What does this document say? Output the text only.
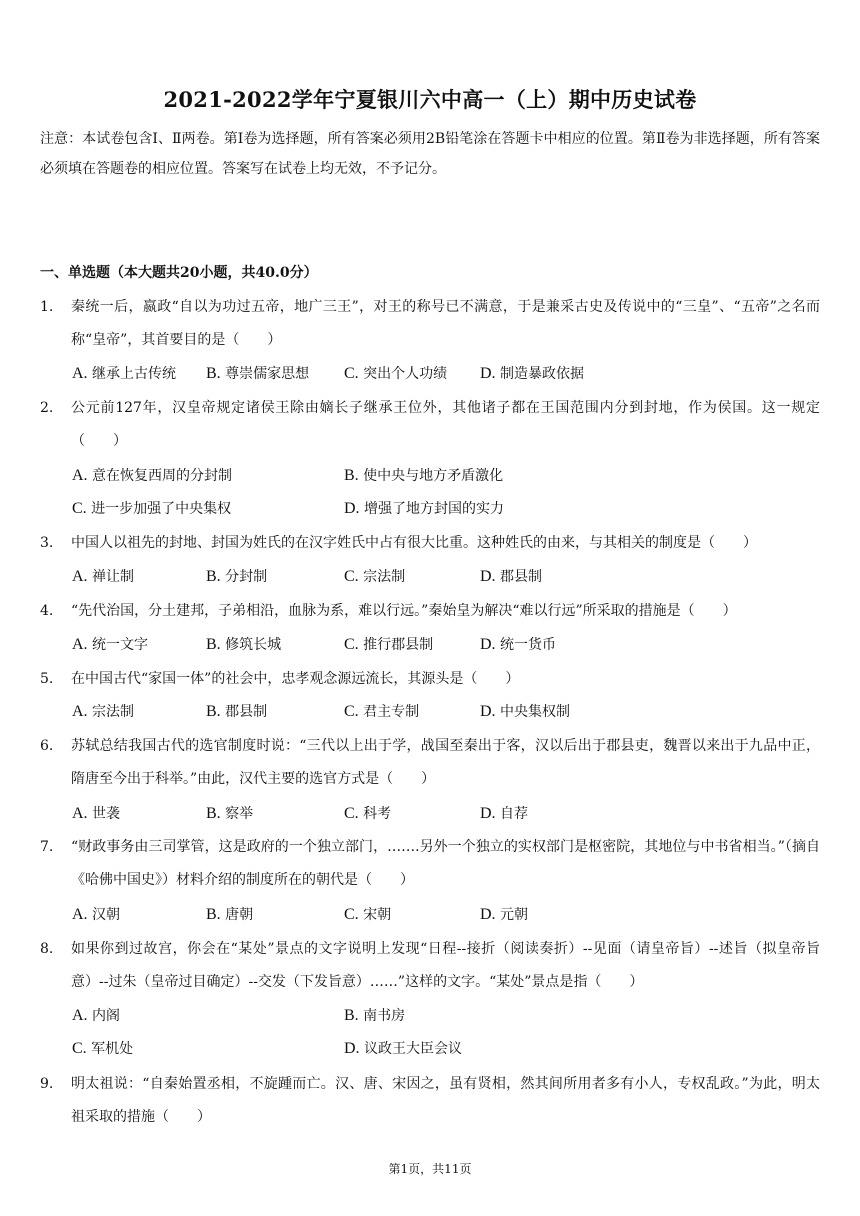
2021-2022学年宁夏银川六中高一（上）期中历史试卷
注意：本试卷包含Ⅰ、Ⅱ两卷。第Ⅰ卷为选择题，所有答案必须用2B铅笔涂在答题卡中相应的位置。第Ⅱ卷为非选择题，所有答案必须填在答题卷的相应位置。答案写在试卷上均无效，不予记分。
一、单选题（本大题共20小题，共40.0分）
1.	秦统一后，嬴政“自以为功过五帝，地广三王”，对王的称号已不满意，于是兼采古史及传说中的“三皇”、“五帝”之名而称“皇帝”，其首要目的是（　　）
A. 继承上古传统 B. 尊崇儒家思想 C. 突出个人功绩 D. 制造暴政依据
2.	公元前127年，汉皇帝规定诸侯王除由嫡长子继承王位外，其他诸子都在王国范围内分到封地，作为侯国。这一规定（　　）
A. 意在恢复西周的分封制	B. 使中央与地方矛盾激化
C. 进一步加强了中央集权	D. 增强了地方封国的实力
3.	中国人以祖先的封地、封国为姓氏的在汉字姓氏中占有很大比重。这种姓氏的由来，与其相关的制度是（　　）
A. 禅让制	B. 分封制	C. 宗法制	D. 郡县制
4.	“先代治国，分土建邦，子弟相沿，血脉为系，难以行远。”秦始皇为解决“难以行远”所采取的措施是（　　）
A. 统一文字	B. 修筑长城	C. 推行郡县制	D. 统一货币
5.	在中国古代“家国一体”的社会中，忠孝观念源远流长，其源头是（　　）
A. 宗法制	B. 郡县制	C. 君主专制	D. 中央集权制
6.	苏轼总结我国古代的选官制度时说：“三代以上出于学，战国至秦出于客，汉以后出于郡县吏，魏晋以来出于九品中正，隋唐至今出于科举。”由此，汉代主要的选官方式是（　　）
A. 世袭	B. 察举	C. 科考	D. 自荐
7.	“财政事务由三司掌管，这是政府的一个独立部门，…….另外一个独立的实权部门是枢密院，其地位与中书省相当。”（摘自《哈佛中国史》）材料介绍的制度所在的朝代是（　　）
A. 汉朝	B. 唐朝	C. 宋朝	D. 元朝
8.	如果你到过故宫，你会在“某处”景点的文字说明上发现“日程--接折（阅读奏折）--见面（请皇帝旨）--述旨（拟皇帝旨意）--过朱（皇帝过目确定）--交发（下发旨意）……”这样的文字。“某处”景点是指（　　）
A. 内阁	B. 南书房
C. 军机处	D. 议政王大臣会议
9.	明太祖说：“自秦始置丞相，不旋踵而亡。汉、唐、宋因之，虽有贤相，然其间所用者多有小人，专权乱政。”为此，明太祖采取的措施（　　）
第1页，共11页
